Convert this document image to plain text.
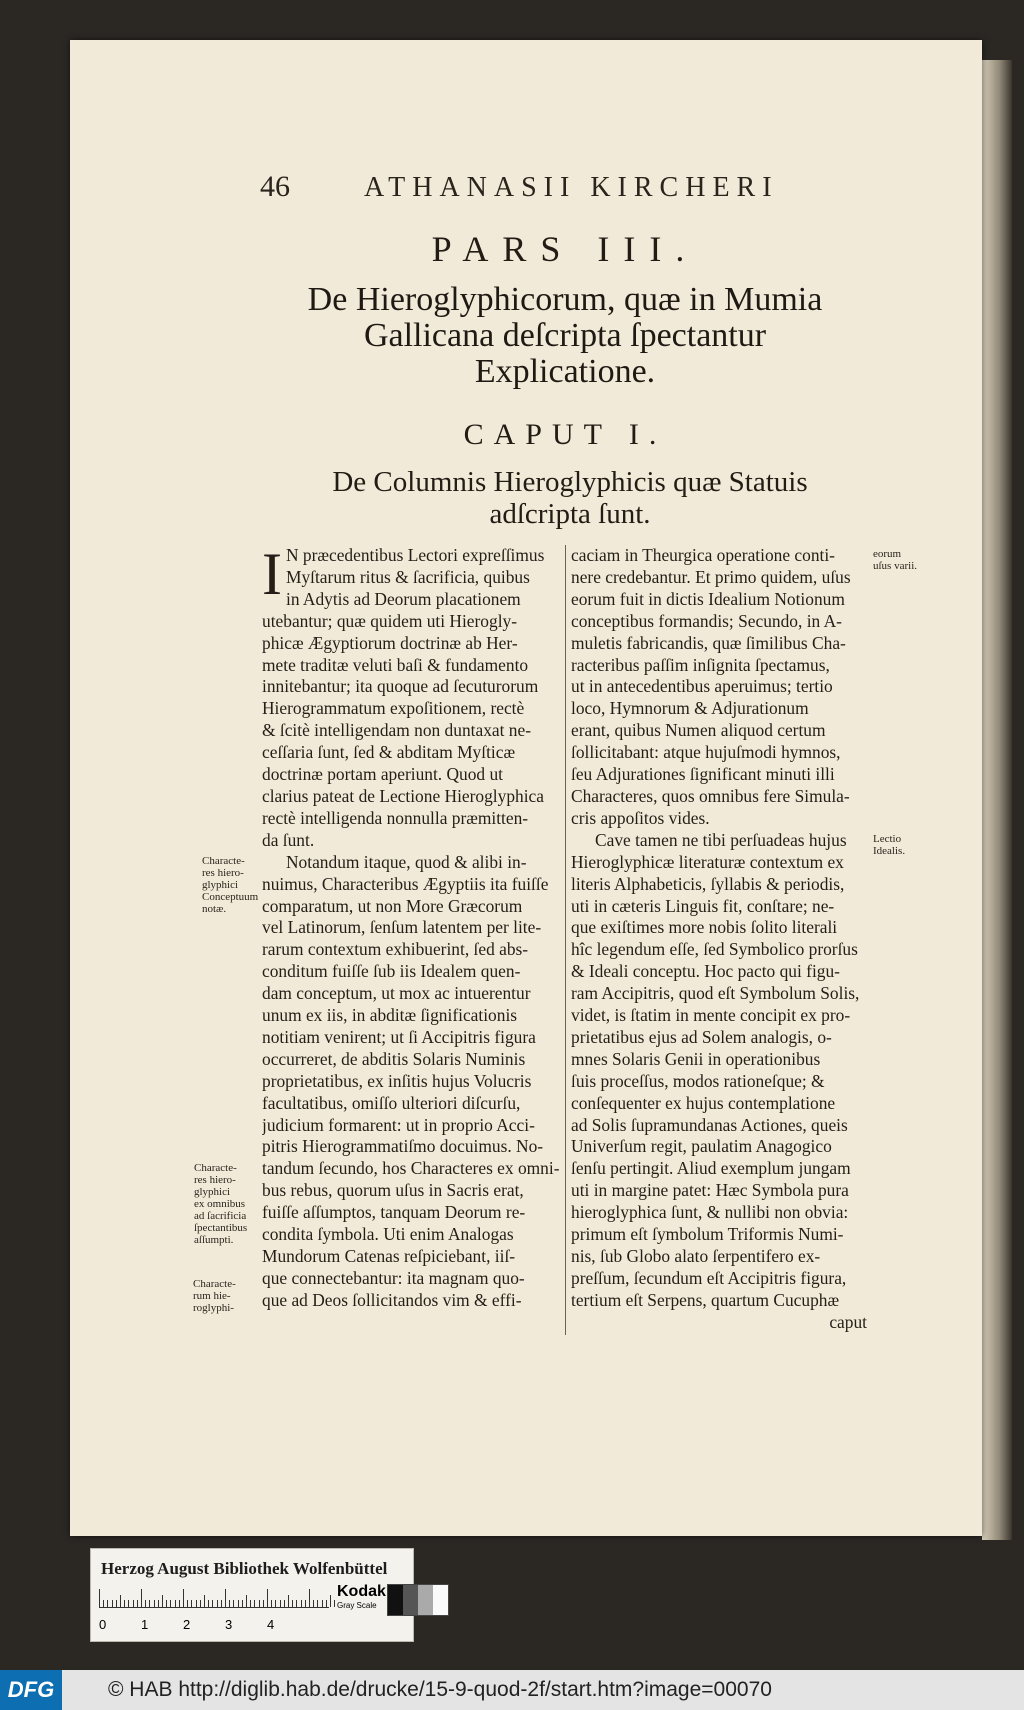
46	ATHANASII KIRCHERI
PARS III.
De Hieroglyphicorum, quæ in Mumia
Gallicana deſcripta ſpectantur
Explicatione.
CAPUT I.
De Columnis Hieroglyphicis quæ Statuis
adſcripta ſunt.
I N præcedentibus Lectori expreſſimus
Myſtarum ritus & ſacrificia, quibus
in Adytis ad Deorum placationem
utebantur; quæ quidem uti Hierogly-
phicæ Ægyptiorum doctrinæ ab Her-
mete traditæ veluti baſi & fundamento
innitebantur; ita quoque ad ſecuturorum
Hierogrammatum expoſitionem, rectè
& ſcitè intelligendam non duntaxat ne-
ceſſaria ſunt, ſed & abditam Myſticæ
doctrinæ portam aperiunt. Quod ut
clarius pateat de Lectione Hieroglyphica
rectè intelligenda nonnulla præmitten-
da ſunt.
Notandum itaque, quod & alibi in-
nuimus, Characteribus Ægyptiis ita fuiſſe
comparatum, ut non More Græcorum
vel Latinorum, ſenſum latentem per lite-
rarum contextum exhibuerint, ſed abs-
conditum fuiſſe ſub iis Idealem quen-
dam conceptum, ut mox ac intuerentur
unum ex iis, in abditæ ſignificationis
notitiam venirent; ut ſi Accipitris figura
occurreret, de abditis Solaris Numinis
proprietatibus, ex inſitis hujus Volucris
facultatibus, omiſſo ulteriori diſcurſu,
judicium formarent: ut in proprio Acci-
pitris Hierogrammatiſmo docuimus. No-
tandum ſecundo, hos Characteres ex omni-
bus rebus, quorum uſus in Sacris erat,
fuiſſe aſſumptos, tanquam Deorum re-
condita ſymbola. Uti enim Analogas
Mundorum Catenas reſpiciebant, iiſ-
que connectebantur: ita magnam quo-
que ad Deos ſollicitandos vim & effi-
caciam in Theurgica operatione conti-
nere credebantur. Et primo quidem, uſus
eorum fuit in dictis Idealium Notionum
conceptibus formandis; Secundo, in A-
muletis fabricandis, quæ ſimilibus Cha-
racteribus paſſim inſignita ſpectamus,
ut in antecedentibus aperuimus; tertio
loco, Hymnorum & Adjurationum
erant, quibus Numen aliquod certum
ſollicitabant: atque hujuſmodi hymnos,
ſeu Adjurationes ſignificant minuti illi
Characteres, quos omnibus fere Simula-
cris appoſitos vides.
Cave tamen ne tibi perſuadeas hujus
Hieroglyphicæ literaturæ contextum ex
literis Alphabeticis, ſyllabis & periodis,
uti in cæteris Linguis fit, conſtare; ne-
que exiſtimes more nobis ſolito literali
hîc legendum eſſe, ſed Symbolico prorſus
& Ideali conceptu. Hoc pacto qui figu-
ram Accipitris, quod eſt Symbolum Solis,
videt, is ſtatim in mente concipit ex pro-
prietatibus ejus ad Solem analogis, o-
mnes Solaris Genii in operationibus
ſuis proceſſus, modos rationeſque; &
conſequenter ex hujus contemplatione
ad Solis ſupramundanas Actiones, queis
Univerſum regit, paulatim Anagogico
ſenſu pertingit. Aliud exemplum jungam
uti in margine patet: Hæc Symbola pura
hieroglyphica ſunt, & nullibi non obvia:
primum eſt ſymbolum Triformis Numi-
nis, ſub Globo alato ſerpentifero ex-
preſſum, ſecundum eſt Accipitris figura,
tertium eſt Serpens, quartum Cucuphæ
caput
Characte-
res hiero-
glyphici
Conceptuum
notæ.
Characte-
res hiero-
glyphici
ex omnibus
ad ſacrificia
ſpectantibus
aſſumpti.
Characte-
rum hie-
roglyphi-
eorum
uſus varii.
Lectio
Idealis.
Herzog August Bibliothek Wolfenbüttel
0	1	2	3	4
Kodak
Gray Scale
DFG	© HAB http://diglib.hab.de/drucke/15-9-quod-2f/start.htm?image=00070
